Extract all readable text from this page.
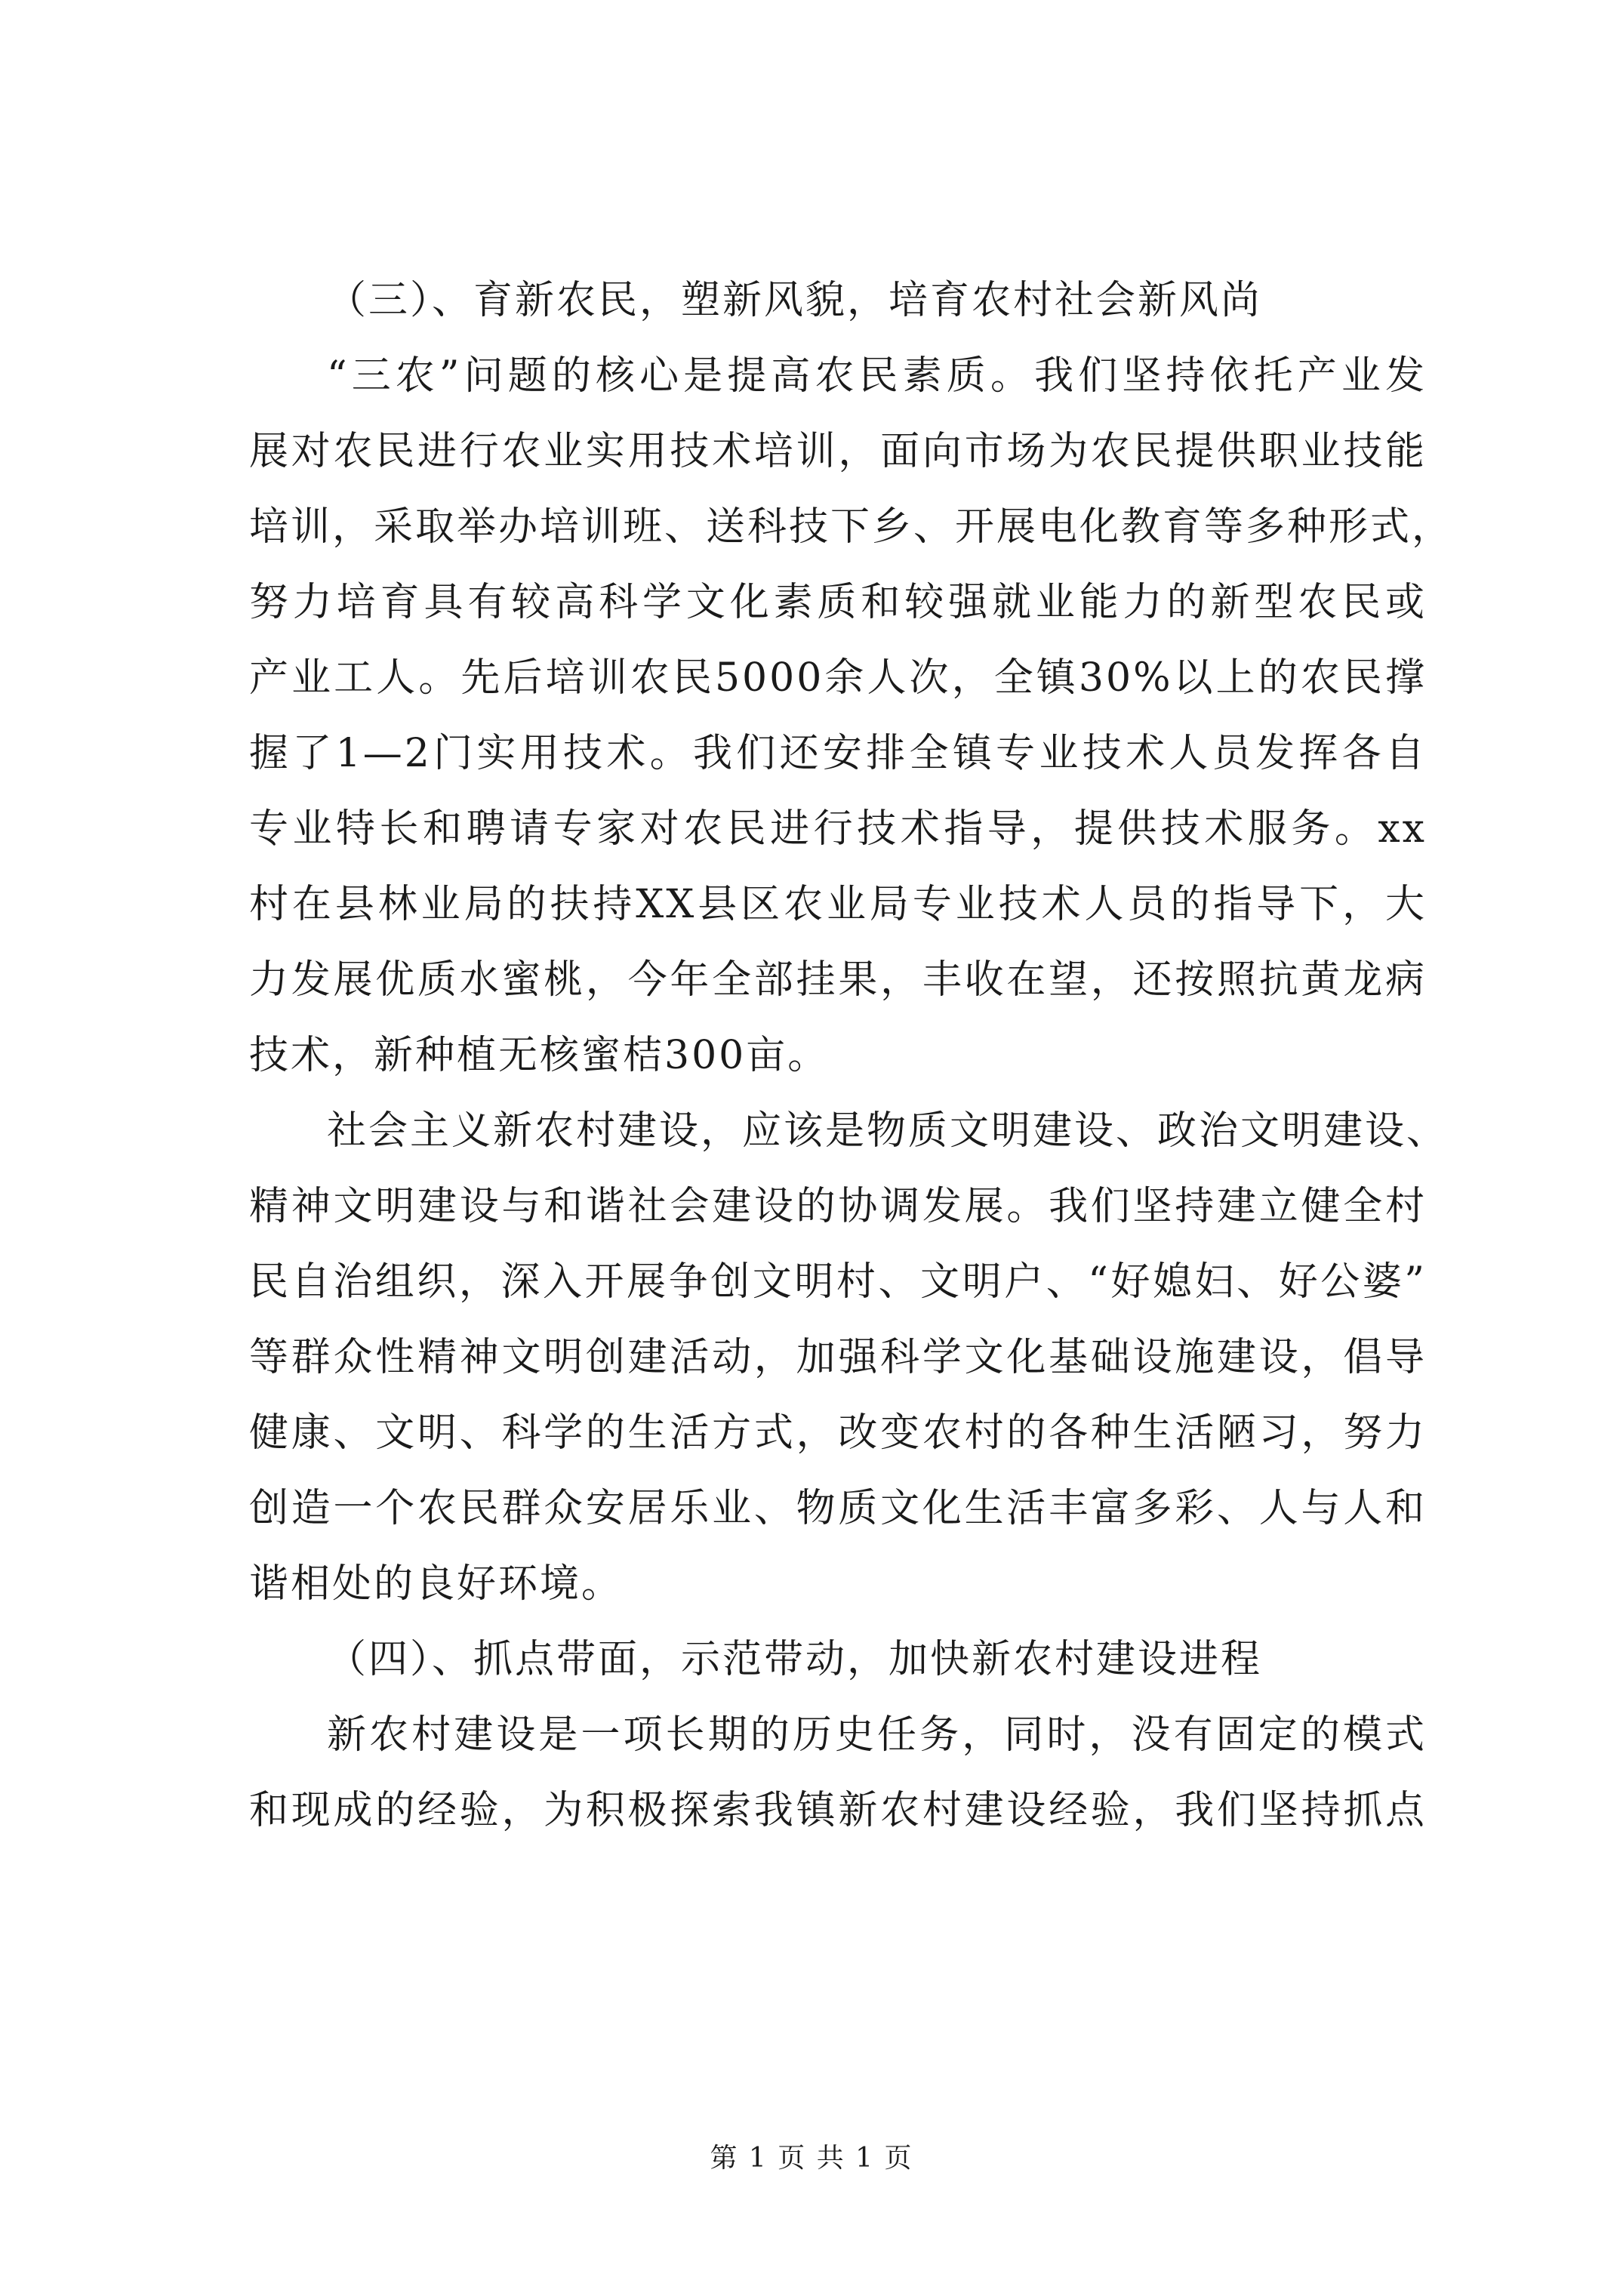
（三）、育新农民，塑新风貌，培育农村社会新风尚
“三农”问题的核心是提高农民素质。我们坚持依托产业发
展对农民进行农业实用技术培训，面向市场为农民提供职业技能
培训，采取举办培训班、送科技下乡、开展电化教育等多种形式，
努力培育具有较高科学文化素质和较强就业能力的新型农民或
产业工人。先后培训农民5000余人次，全镇30%以上的农民撑
握了1—2门实用技术。我们还安排全镇专业技术人员发挥各自
专业特长和聘请专家对农民进行技术指导，提供技术服务。xx
村在县林业局的扶持XX县区农业局专业技术人员的指导下，大
力发展优质水蜜桃，今年全部挂果，丰收在望，还按照抗黄龙病
技术，新种植无核蜜桔300亩。
社会主义新农村建设，应该是物质文明建设、政治文明建设、
精神文明建设与和谐社会建设的协调发展。我们坚持建立健全村
民自治组织，深入开展争创文明村、文明户、“好媳妇、好公婆”
等群众性精神文明创建活动，加强科学文化基础设施建设，倡导
健康、文明、科学的生活方式，改变农村的各种生活陋习，努力
创造一个农民群众安居乐业、物质文化生活丰富多彩、人与人和
谐相处的良好环境。
（四）、抓点带面，示范带动，加快新农村建设进程
新农村建设是一项长期的历史任务，同时，没有固定的模式
和现成的经验，为积极探索我镇新农村建设经验，我们坚持抓点
第 1 页 共 1 页
